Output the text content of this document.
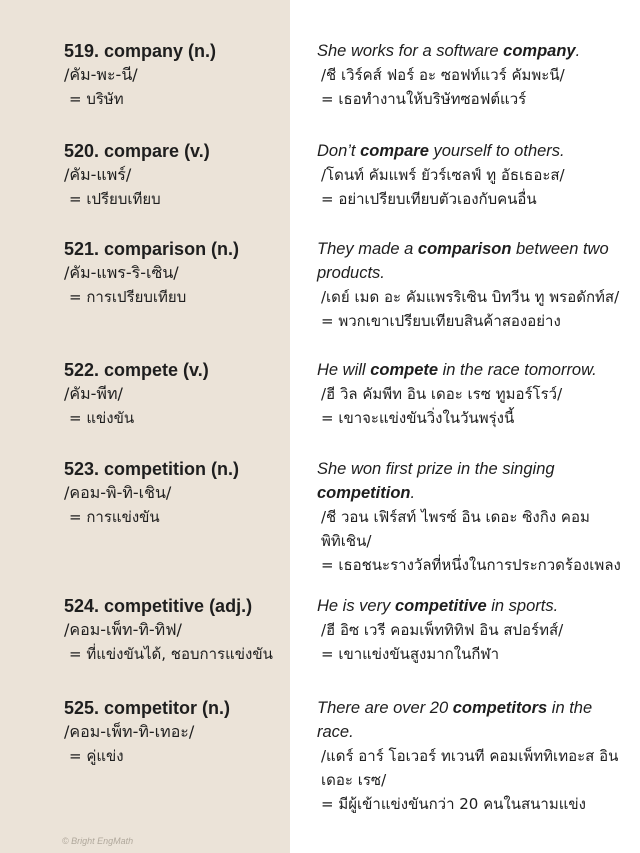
519. company (n.)
/คัม-พะ-นี/
= บริษัท
She works for a software company.
/ชี เวิร์คส์ ฟอร์ อะ ซอฟท์แวร์ คัมพะนี/
= เธอทำงานให้บริษัทซอฟต์แวร์
520. compare (v.)
/คัม-แพร์/
= เปรียบเทียบ
Don’t compare yourself to others.
/โดนท์ คัมแพร์ ยัวร์เซลฟ์ ทู อัธเธอะส/
= อย่าเปรียบเทียบตัวเองกับคนอื่น
521. comparison (n.)
/คัม-แพร-ริ-เซิน/
= การเปรียบเทียบ
They made a comparison between two products.
/เดย์ เมด อะ คัมแพรริเซิน บิทวีน ทู พรอดักท์ส/
= พวกเขาเปรียบเทียบสินค้าสองอย่าง
522. compete (v.)
/คัม-พีท/
= แข่งขัน
He will compete in the race tomorrow.
/ฮี วิล คัมพีท อิน เดอะ เรซ ทูมอร์โรว์/
= เขาจะแข่งขันวิ่งในวันพรุ่งนี้
523. competition (n.)
/คอม-พิ-ทิ-เชิน/
= การแข่งขัน
She won first prize in the singing competition.
/ชี วอน เฟิร์สท์ ไพรซ์ อิน เดอะ ซิงกิง คอมพิทิเชิน/
= เธอชนะรางวัลที่หนึ่งในการประกวดร้องเพลง
524. competitive (adj.)
/คอม-เพ็ท-ทิ-ทิฟ/
= ที่แข่งขันได้, ชอบการแข่งขัน
He is very competitive in sports.
/ฮี อิซ เวรี คอมเพ็ททิทิฟ อิน สปอร์ทส์/
= เขาแข่งขันสูงมากในกีฬา
525. competitor (n.)
/คอม-เพ็ท-ทิ-เทอะ/
= คู่แข่ง
There are over 20 competitors in the race.
/แดร์ อาร์ โอเวอร์ ทเวนที คอมเพ็ททิเทอะส อิน เดอะ เรซ/
= มีผู้เข้าแข่งขันกว่า 20 คนในสนามแข่ง
© Bright EngMath
